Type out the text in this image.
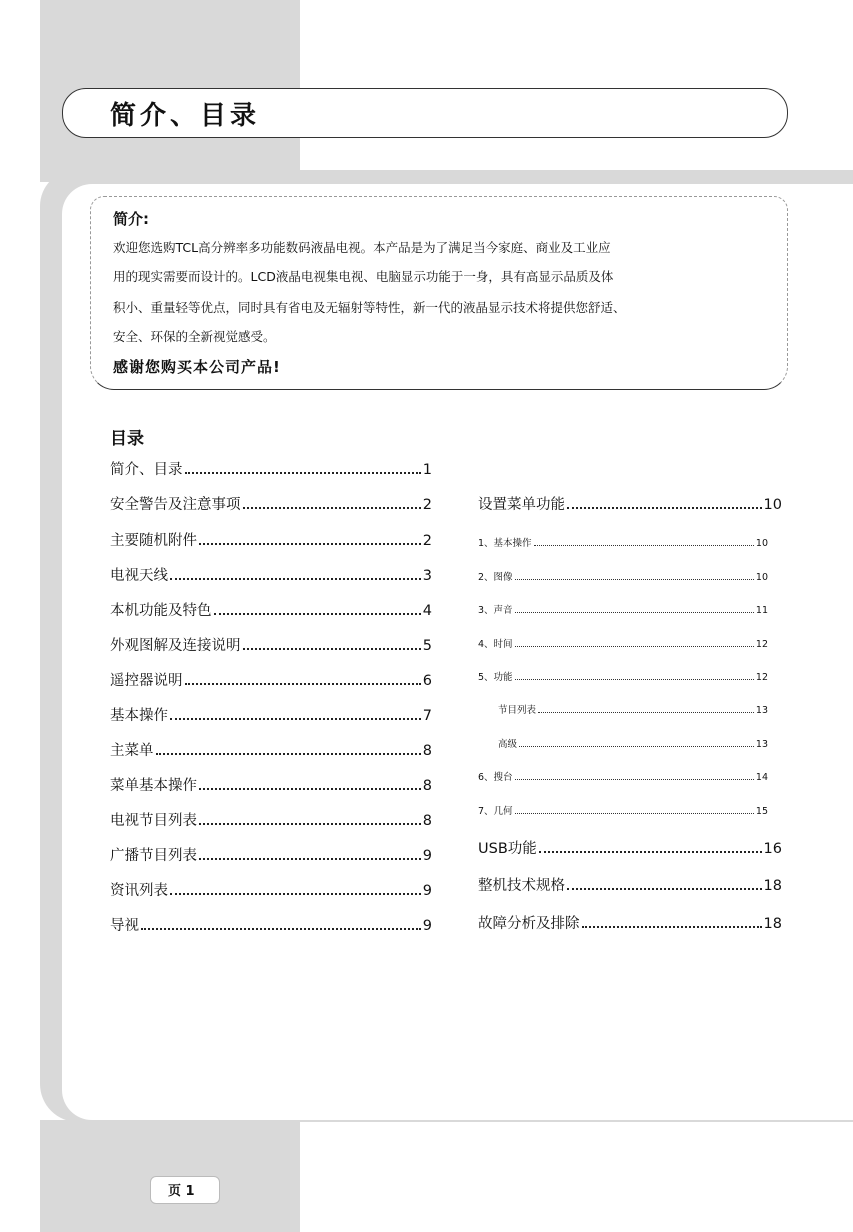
简介、目录
简介:
欢迎您选购TCL高分辨率多功能数码液晶电视。本产品是为了满足当今家庭、商业及工业应
用的现实需要而设计的。LCD液晶电视集电视、电脑显示功能于一身，具有高显示品质及体
积小、重量轻等优点，同时具有省电及无辐射等特性，新一代的液晶显示技术将提供您舒适、
安全、环保的全新视觉感受。
感谢您购买本公司产品!
目录
简介、目录	1
安全警告及注意事项	2
主要随机附件	2
电视天线	3
本机功能及特色	4
外观图解及连接说明	5
遥控器说明	6
基本操作	7
主菜单	8
菜单基本操作	8
电视节目列表	8
广播节目列表	9
资讯列表	9
导视	9
设置菜单功能	10
1、基本操作	10
2、图像	10
3、声音	11
4、时间	12
5、功能	12
节目列表	13
高级	13
6、搜台	14
7、几何	15
USB功能	16
整机技术规格	18
故障分析及排除	18
页 1
